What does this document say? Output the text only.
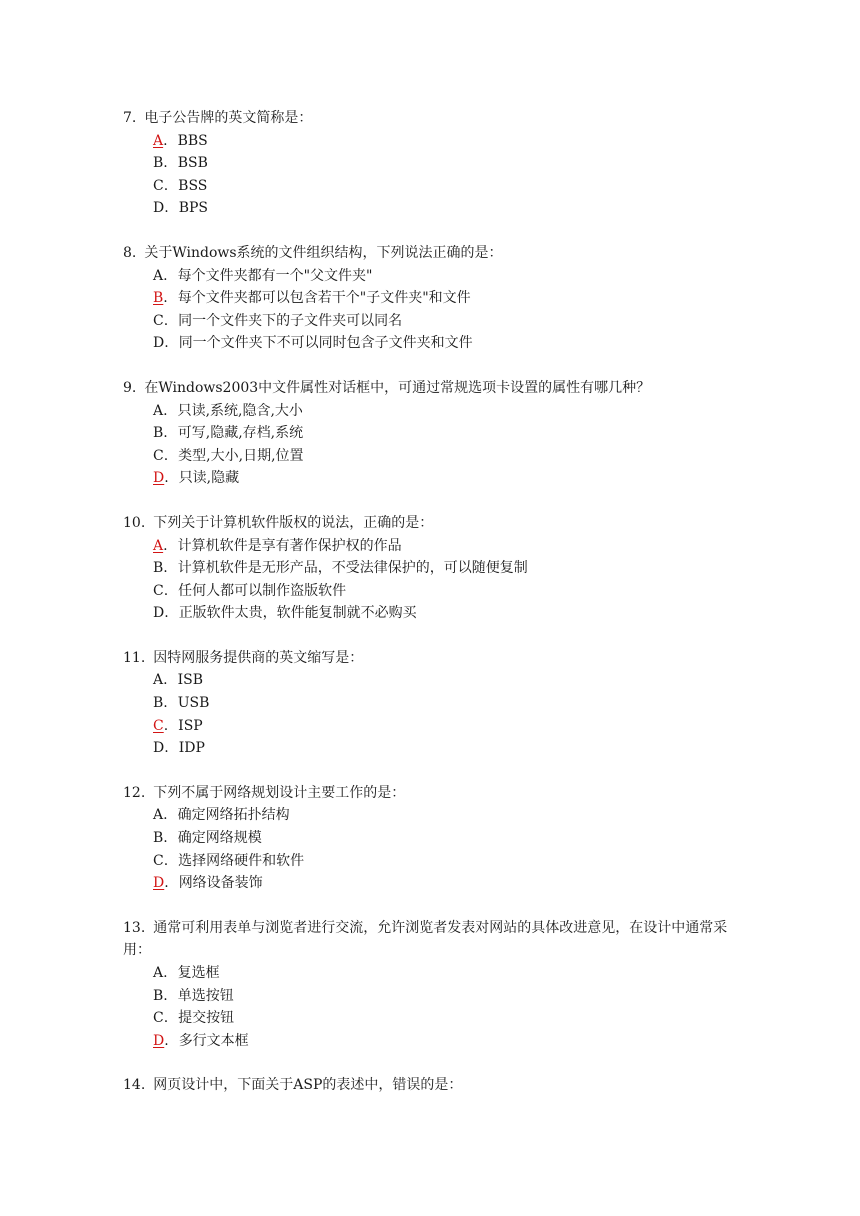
7. 电子公告牌的英文简称是：
A. BBS
B. BSB
C. BSS
D. BPS
8. 关于Windows系统的文件组织结构，下列说法正确的是：
A. 每个文件夹都有一个"父文件夹"
B. 每个文件夹都可以包含若干个"子文件夹"和文件
C. 同一个文件夹下的子文件夹可以同名
D. 同一个文件夹下不可以同时包含子文件夹和文件
9. 在Windows2003中文件属性对话框中，可通过常规选项卡设置的属性有哪几种？
A. 只读,系统,隐含,大小
B. 可写,隐藏,存档,系统
C. 类型,大小,日期,位置
D. 只读,隐藏
10. 下列关于计算机软件版权的说法，正确的是：
A. 计算机软件是享有著作保护权的作品
B. 计算机软件是无形产品，不受法律保护的，可以随便复制
C. 任何人都可以制作盗版软件
D. 正版软件太贵，软件能复制就不必购买
11. 因特网服务提供商的英文缩写是：
A. ISB
B. USB
C. ISP
D. IDP
12. 下列不属于网络规划设计主要工作的是：
A. 确定网络拓扑结构
B. 确定网络规模
C. 选择网络硬件和软件
D. 网络设备装饰
13. 通常可利用表单与浏览者进行交流，允许浏览者发表对网站的具体改进意见，在设计中通常采用：
A. 复选框
B. 单选按钮
C. 提交按钮
D. 多行文本框
14. 网页设计中，下面关于ASP的表述中，错误的是：
